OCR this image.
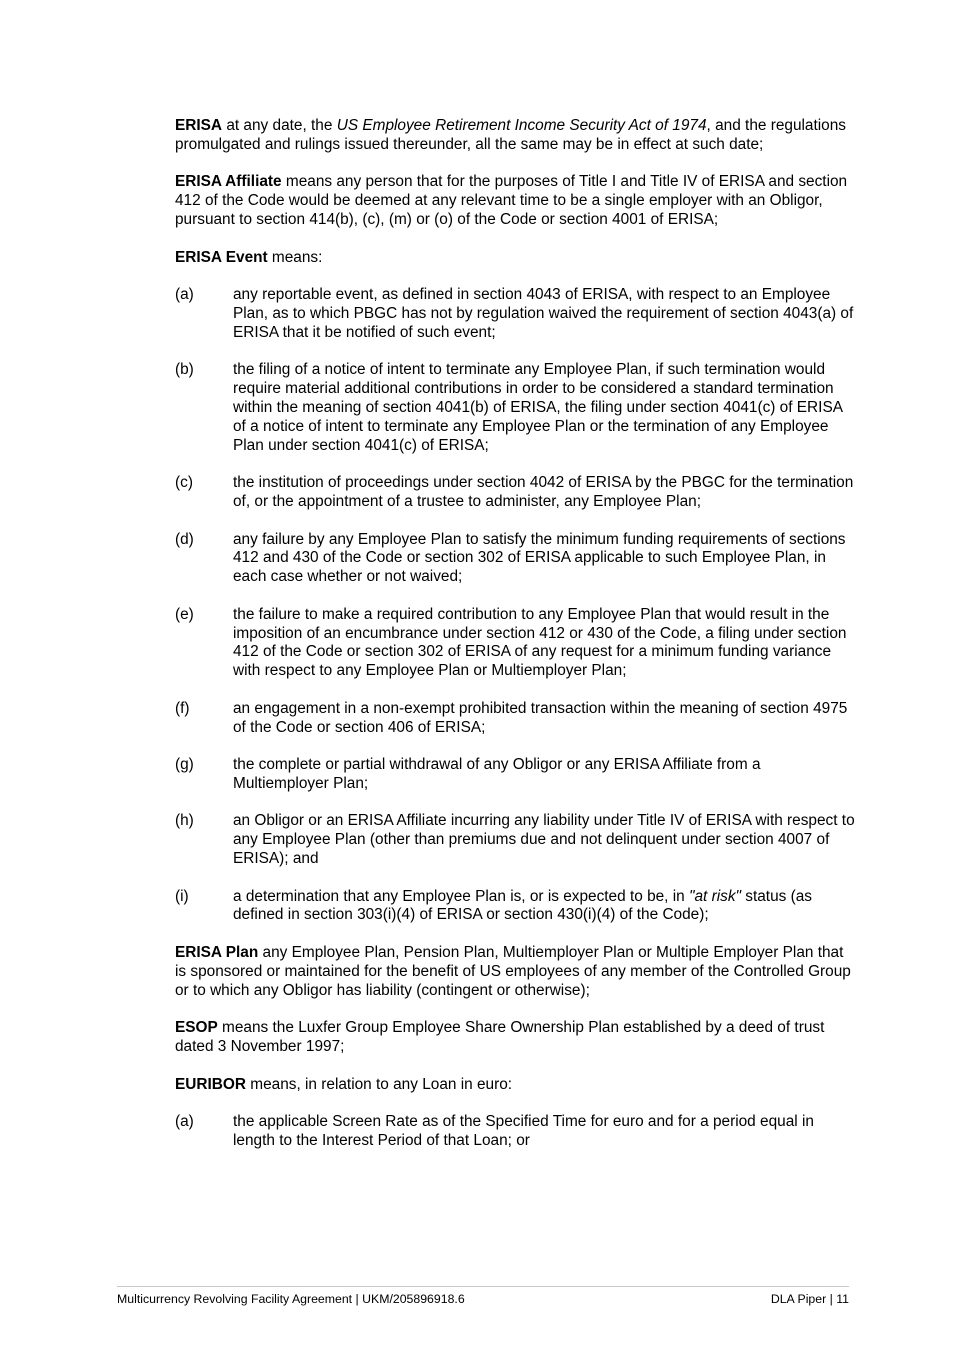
ERISA at any date, the US Employee Retirement Income Security Act of 1974, and the regulations promulgated and rulings issued thereunder, all the same may be in effect at such date;

ERISA Affiliate means any person that for the purposes of Title I and Title IV of ERISA and section 412 of the Code would be deemed at any relevant time to be a single employer with an Obligor, pursuant to section 414(b), (c), (m) or (o) of the Code or section 4001 of ERISA;

ERISA Event means:

(a)	any reportable event, as defined in section 4043 of ERISA, with respect to an Employee Plan, as to which PBGC has not by regulation waived the requirement of section 4043(a) of ERISA that it be notified of such event;
(b)	the filing of a notice of intent to terminate any Employee Plan, if such termination would require material additional contributions in order to be considered a standard termination within the meaning of section 4041(b) of ERISA, the filing under section 4041(c) of ERISA of a notice of intent to terminate any Employee Plan or the termination of any Employee Plan under section 4041(c) of ERISA;
(c)	the institution of proceedings under section 4042 of ERISA by the PBGC for the termination of, or the appointment of a trustee to administer, any Employee Plan;
(d)	any failure by any Employee Plan to satisfy the minimum funding requirements of sections 412 and 430 of the Code or section 302 of ERISA applicable to such Employee Plan, in each case whether or not waived;
(e)	the failure to make a required contribution to any Employee Plan that would result in the imposition of an encumbrance under section 412 or 430 of the Code, a filing under section 412 of the Code or section 302 of ERISA of any request for a minimum funding variance with respect to any Employee Plan or Multiemployer Plan;
(f)	an engagement in a non-exempt prohibited transaction within the meaning of section 4975 of the Code or section 406 of ERISA;
(g)	the complete or partial withdrawal of any Obligor or any ERISA Affiliate from a Multiemployer Plan;
(h)	an Obligor or an ERISA Affiliate incurring any liability under Title IV of ERISA with respect to any Employee Plan (other than premiums due and not delinquent under section 4007 of ERISA); and
(i)	a determination that any Employee Plan is, or is expected to be, in "at risk" status (as defined in section 303(i)(4) of ERISA or section 430(i)(4) of the Code);

ERISA Plan any Employee Plan, Pension Plan, Multiemployer Plan or Multiple Employer Plan that is sponsored or maintained for the benefit of US employees of any member of the Controlled Group or to which any Obligor has liability (contingent or otherwise);

ESOP means the Luxfer Group Employee Share Ownership Plan established by a deed of trust dated 3 November 1997;

EURIBOR means, in relation to any Loan in euro:

(a)	the applicable Screen Rate as of the Specified Time for euro and for a period equal in length to the Interest Period of that Loan; or
Multicurrency Revolving Facility Agreement | UKM/205896918.6	DLA Piper | 11
